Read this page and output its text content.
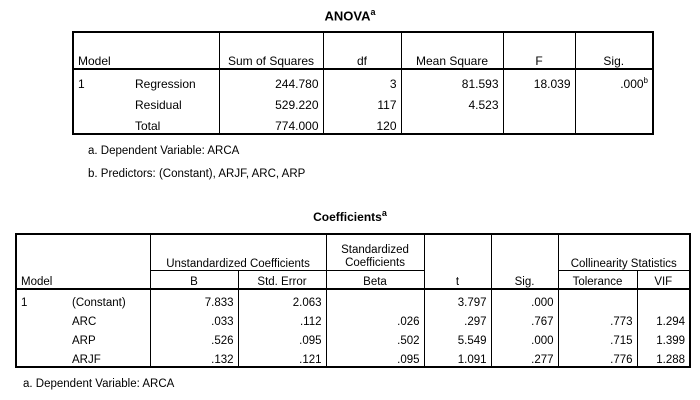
ANOVA$^a$
Model		Sum of Squares	df	Mean Square	F	Sig.
1	Regression	244.780	3	81.593	18.039	.000$^b$
	Residual	529.220	117	4.523		
	Total	774.000	120			
a. Dependent Variable: ARCA
b. Predictors: (Constant), ARJF, ARC, ARP
Coefficients$^a$
Model		Unstandardized Coefficients		Standardized Coefficients	t	Sig.	Collinearity Statistics	
		B	Std. Error	Beta			Tolerance	VIF
1	(Constant)	7.833	2.063		3.797	.000		
	ARC	.033	.112	.026	.297	.767	.773	1.294
	ARP	.526	.095	.502	5.549	.000	.715	1.399
	ARJF	.132	.121	.095	1.091	.277	.776	1.288
a. Dependent Variable: ARCA
